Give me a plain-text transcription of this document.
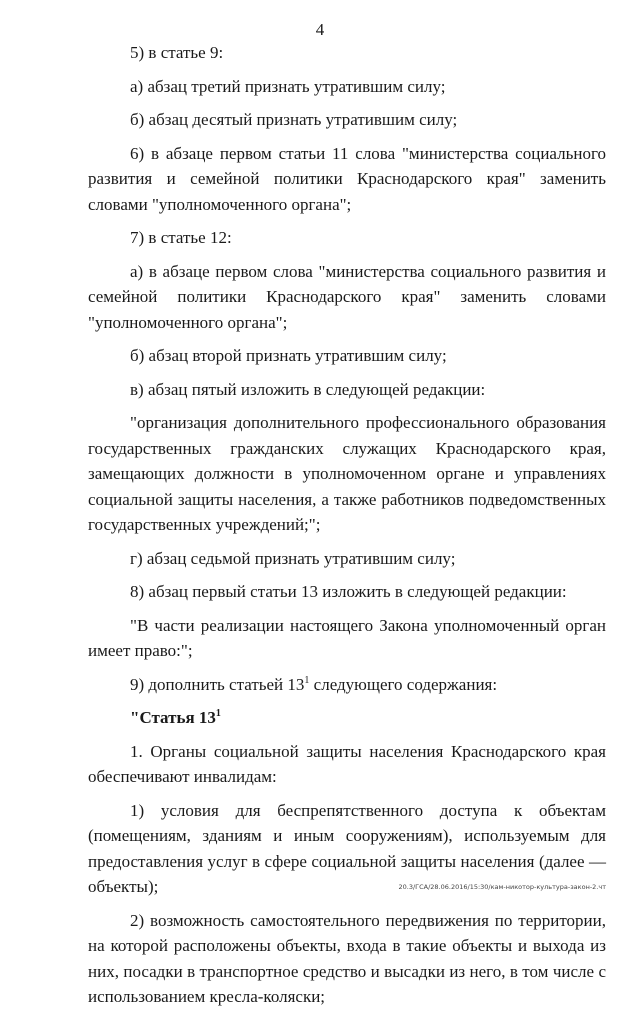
4

5) в статье 9:

а) абзац третий признать утратившим силу;

б) абзац десятый признать утратившим силу;

6) в абзаце первом статьи 11 слова "министерства социального развития и семейной политики Краснодарского края" заменить словами "уполномоченного органа";

7) в статье 12:

а) в абзаце первом слова "министерства социального развития и семейной политики Краснодарского края" заменить словами "уполномоченного органа";

б) абзац второй признать утратившим силу;

в) абзац пятый изложить в следующей редакции:

"организация дополнительного профессионального образования государственных гражданских служащих Краснодарского края, замещающих должности в уполномоченном органе и управлениях социальной защиты населения, а также работников подведомственных государственных учреждений;";

г) абзац седьмой признать утратившим силу;

8) абзац первый статьи 13 изложить в следующей редакции:

"В части реализации настоящего Закона уполномоченный орган имеет право:";

9) дополнить статьей $13^1$ следующего содержания:

"Статья $13^1$

1. Органы социальной защиты населения Краснодарского края обеспечивают инвалидам:

1) условия для беспрепятственного доступа к объектам (помещениям, зданиям и иным сооружениям), используемым для предоставления услуг в сфере социальной защиты населения (далее — объекты);

2) возможность самостоятельного передвижения по территории, на которой расположены объекты, входа в такие объекты и выхода из них, посадки в транспортное средство и высадки из него, в том числе с использованием кресла-коляски;

20.3/ГСА/28.06.2016/15:30/кам-никотор-культура-закон-2.чт
